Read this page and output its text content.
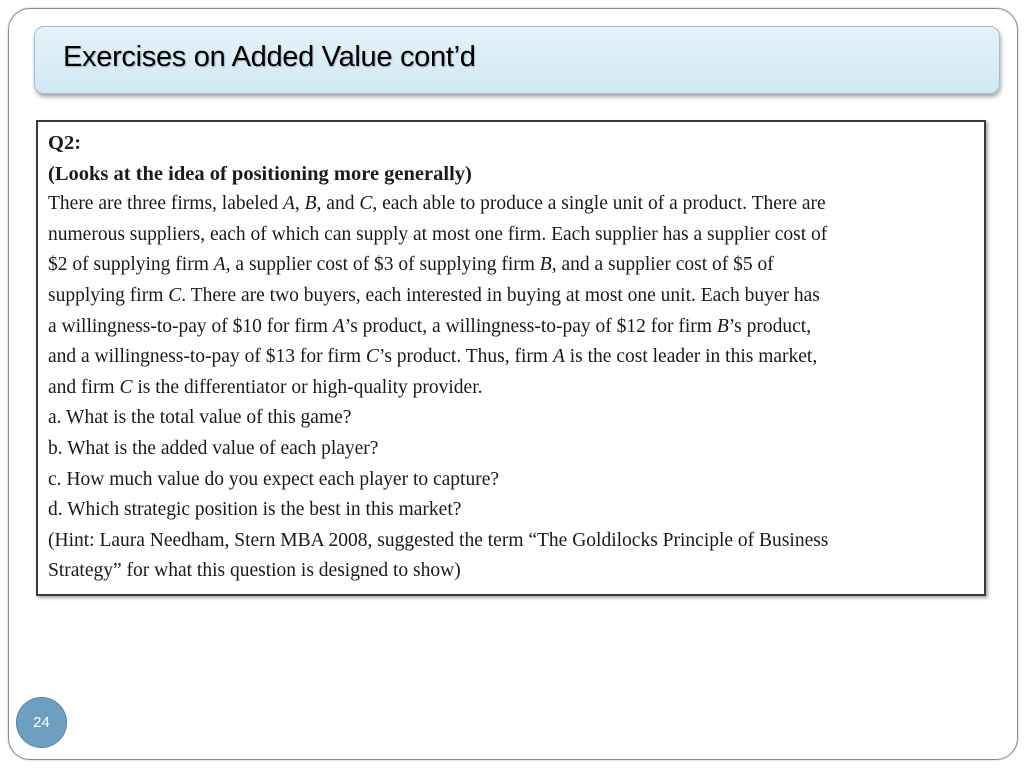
Exercises on Added Value cont’d
Q2:
(Looks at the idea of positioning more generally)
There are three firms, labeled A, B, and C, each able to produce a single unit of a product. There are
numerous suppliers, each of which can supply at most one firm. Each supplier has a supplier cost of
$2 of supplying firm A, a supplier cost of $3 of supplying firm B, and a supplier cost of $5 of
supplying firm C. There are two buyers, each interested in buying at most one unit. Each buyer has
a willingness-to-pay of $10 for firm A’s product, a willingness-to-pay of $12 for firm B’s product,
and a willingness-to-pay of $13 for firm C’s product. Thus, firm A is the cost leader in this market,
and firm C is the differentiator or high-quality provider.
a. What is the total value of this game?
b. What is the added value of each player?
c. How much value do you expect each player to capture?
d. Which strategic position is the best in this market?
(Hint: Laura Needham, Stern MBA 2008, suggested the term “The Goldilocks Principle of Business
Strategy” for what this question is designed to show)
24
